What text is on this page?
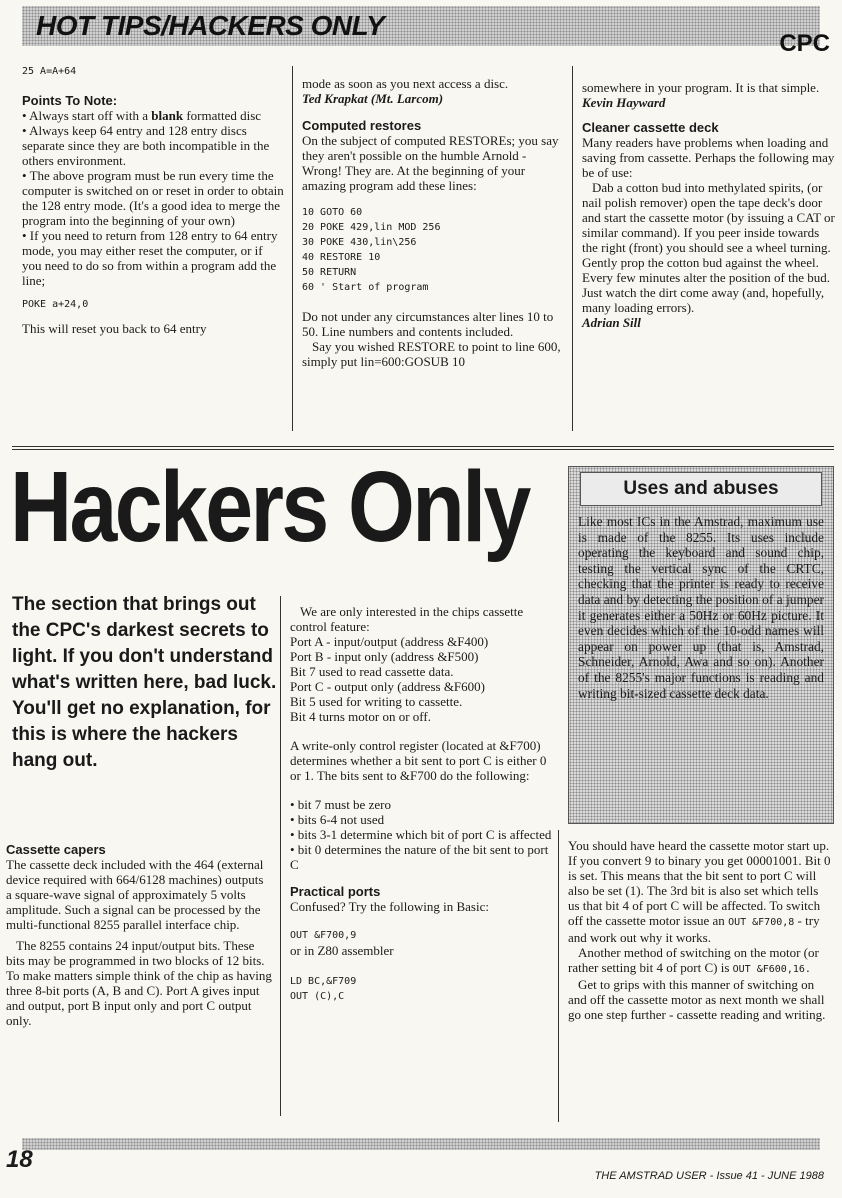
HOT TIPS/HACKERS ONLY
CPC

25 A=A+64

Points To Note:

• Always start off with a blank formatted disc

• Always keep 64 entry and 128 entry discs separate since they are both incompatible in the others environment.

• The above program must be run every time the computer is switched on or reset in order to obtain the 128 entry mode. (It's a good idea to merge the program into the beginning of your own)

• If you need to return from 128 entry to 64 entry mode, you may either reset the computer, or if you need to do so from within a program add the line;

POKE a+24,0

This will reset you back to 64 entry

mode as soon as you next access a disc.

Ted Krapkat (Mt. Larcom)

Computed restores

On the subject of computed RESTOREs; you say they aren't possible on the humble Arnold - Wrong! They are. At the beginning of your amazing program add these lines:

10 GOTO 60
20 POKE 429,lin MOD 256
30 POKE 430,lin\256
40 RESTORE 10
50 RETURN
60 ' Start of program

Do not under any circumstances alter lines 10 to 50. Line numbers and contents included.

Say you wished RESTORE to point to line 600, simply put lin=600:GOSUB 10

somewhere in your program. It is that simple.

Kevin Hayward

Cleaner cassette deck

Many readers have problems when loading and saving from cassette. Perhaps the following may be of use:

Dab a cotton bud into methylated spirits, (or nail polish remover) open the tape deck's door and start the cassette motor (by issuing a CAT or similar command). If you peer inside towards the right (front) you should see a wheel turning. Gently prop the cotton bud against the wheel. Every few minutes alter the position of the bud. Just watch the dirt come away (and, hopefully, many loading errors).

Adrian Sill

Hackers Only
The section that brings out the CPC's darkest secrets to light. If you don't understand what's written here, bad luck. You'll get no explanation, for this is where the hackers hang out.
Uses and abuses
Like most ICs in the Amstrad, maximum use is made of the 8255. Its uses include operating the keyboard and sound chip, testing the vertical sync of the CRTC, checking that the printer is ready to receive data and by detecting the position of a jumper it generates either a 50Hz or 60Hz picture. It even decides which of the 10-odd names will appear on power up (that is, Amstrad, Schneider, Arnold, Awa and so on). Another of the 8255's major functions is reading and writing bit-sized cassette deck data.

Cassette capers

The cassette deck included with the 464 (external device required with 664/6128 machines) outputs a square-wave signal of approximately 5 volts amplitude. Such a signal can be processed by the multi-functional 8255 parallel interface chip.

The 8255 contains 24 input/output bits. These bits may be programmed in two blocks of 12 bits. To make matters simple think of the chip as having three 8-bit ports (A, B and C). Port A gives input and output, port B input only and port C output only.

We are only interested in the chips cassette control feature:

Port A - input/output (address &F400)
Port B - input only (address &F500)
Bit 7 used to read cassette data.
Port C - output only (address &F600)
Bit 5 used for writing to cassette.
Bit 4 turns motor on or off.

A write-only control register (located at &F700) determines whether a bit sent to port C is either 0 or 1. The bits sent to &F700 do the following:

• bit 7 must be zero
• bits 6-4 not used
• bits 3-1 determine which bit of port C is affected
• bit 0 determines the nature of the bit sent to port C

Practical ports

Confused? Try the following in Basic:

OUT &F700,9

or in Z80 assembler

LD BC,&F709

OUT (C),C

You should have heard the cassette motor start up. If you convert 9 to binary you get 00001001. Bit 0 is set. This means that the bit sent to port C will also be set (1). The 3rd bit is also set which tells us that bit 4 of port C will be affected. To switch off the cassette motor issue an OUT &F700,8 - try and work out why it works.

Another method of switching on the motor (or rather setting bit 4 of port C) is OUT &F600,16.

Get to grips with this manner of switching on and off the cassette motor as next month we shall go one step further - cassette reading and writing.

18
THE AMSTRAD USER - Issue 41 - JUNE 1988
